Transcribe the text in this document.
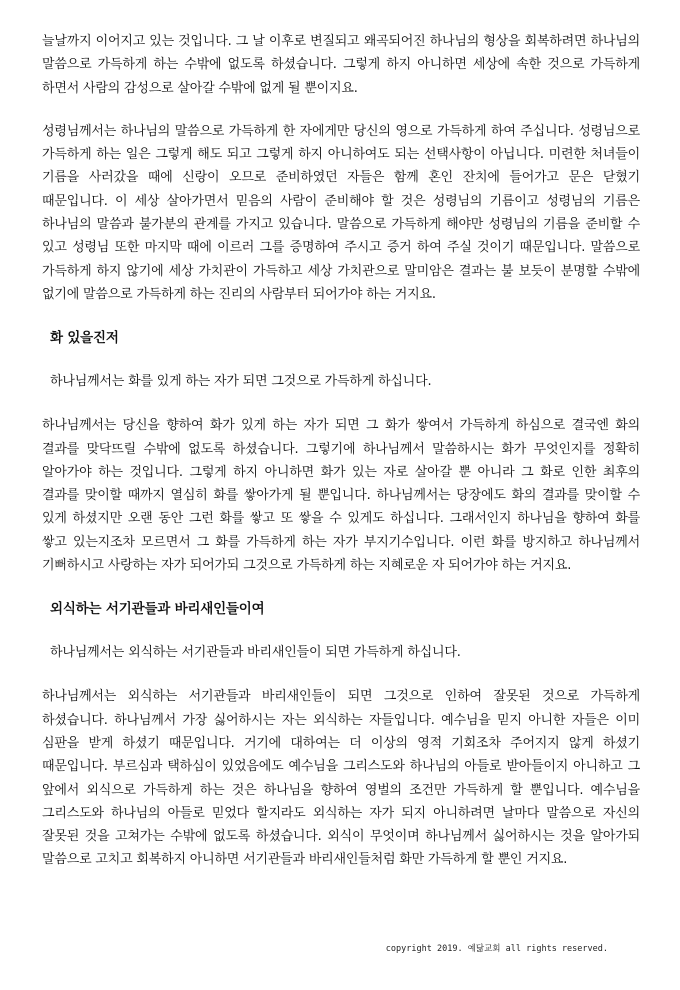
늘날까지 이어지고 있는 것입니다. 그 날 이후로 변질되고 왜곡되어진 하나님의 형상을 회복하려면 하나님의 말씀으로 가득하게 하는 수밖에 없도록 하셨습니다. 그렇게 하지 아니하면 세상에 속한 것으로 가득하게 하면서 사람의 감성으로 살아갈 수밖에 없게 될 뿐이지요.

성령님께서는 하나님의 말씀으로 가득하게 한 자에게만 당신의 영으로 가득하게 하여 주십니다. 성령님으로 가득하게 하는 일은 그렇게 해도 되고 그렇게 하지 아니하여도 되는 선택사항이 아닙니다. 미련한 처녀들이 기름을 사러갔을 때에 신랑이 오므로 준비하였던 자들은 함께 혼인 잔치에 들어가고 문은 닫혔기 때문입니다. 이 세상 살아가면서 믿음의 사람이 준비해야 할 것은 성령님의 기름이고 성령님의 기름은 하나님의 말씀과 불가분의 관계를 가지고 있습니다. 말씀으로 가득하게 해야만 성령님의 기름을 준비할 수 있고 성령님 또한 마지막 때에 이르러 그를 증명하여 주시고 증거 하여 주실 것이기 때문입니다. 말씀으로 가득하게 하지 않기에 세상 가치관이 가득하고 세상 가치관으로 말미암은 결과는 불 보듯이 분명할 수밖에 없기에 말씀으로 가득하게 하는 진리의 사람부터 되어가야 하는 거지요.

화 있을진저

하나님께서는 화를 있게 하는 자가 되면 그것으로 가득하게 하십니다.

하나님께서는 당신을 향하여 화가 있게 하는 자가 되면 그 화가 쌓여서 가득하게 하심으로 결국엔 화의 결과를 맞닥뜨릴 수밖에 없도록 하셨습니다. 그렇기에 하나님께서 말씀하시는 화가 무엇인지를 정확히 알아가야 하는 것입니다. 그렇게 하지 아니하면 화가 있는 자로 살아갈 뿐 아니라 그 화로 인한 최후의 결과를 맞이할 때까지 열심히 화를 쌓아가게 될 뿐입니다. 하나님께서는 당장에도 화의 결과를 맞이할 수 있게 하셨지만 오랜 동안 그런 화를 쌓고 또 쌓을 수 있게도 하십니다. 그래서인지 하나님을 향하여 화를 쌓고 있는지조차 모르면서 그 화를 가득하게 하는 자가 부지기수입니다. 이런 화를 방지하고 하나님께서 기뻐하시고 사랑하는 자가 되어가되 그것으로 가득하게 하는 지혜로운 자 되어가야 하는 거지요.

외식하는 서기관들과 바리새인들이여

하나님께서는 외식하는 서기관들과 바리새인들이 되면 가득하게 하십니다.

하나님께서는 외식하는 서기관들과 바리새인들이 되면 그것으로 인하여 잘못된 것으로 가득하게 하셨습니다. 하나님께서 가장 싫어하시는 자는 외식하는 자들입니다. 예수님을 믿지 아니한 자들은 이미 심판을 받게 하셨기 때문입니다. 거기에 대하여는 더 이상의 영적 기회조차 주어지지 않게 하셨기 때문입니다. 부르심과 택하심이 있었음에도 예수님을 그리스도와 하나님의 아들로 받아들이지 아니하고 그 앞에서 외식으로 가득하게 하는 것은 하나님을 향하여 영벌의 조건만 가득하게 할 뿐입니다. 예수님을 그리스도와 하나님의 아들로 믿었다 할지라도 외식하는 자가 되지 아니하려면 날마다 말씀으로 자신의 잘못된 것을 고쳐가는 수밖에 없도록 하셨습니다. 외식이 무엇이며 하나님께서 싫어하시는 것을 알아가되 말씀으로 고치고 회복하지 아니하면 서기관들과 바리새인들처럼 화만 가득하게 할 뿐인 거지요.

copyright 2019. 예닮교회 all rights reserved.
